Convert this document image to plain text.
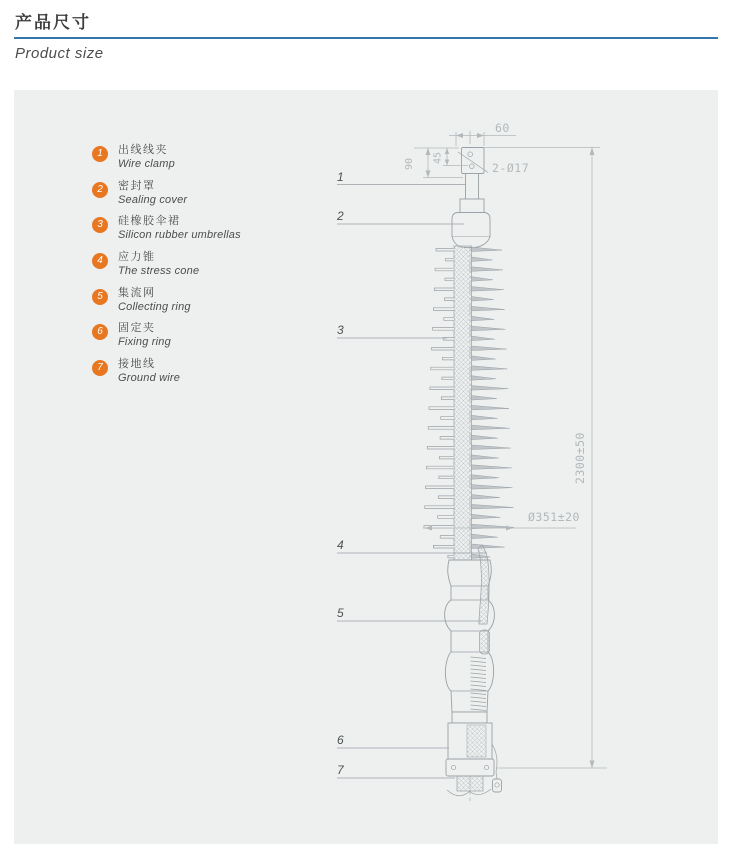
产品尺寸
Product size
1	出线线夹
Wire clamp
2	密封罩
Sealing cover
3	硅橡胶伞裙
Silicon rubber umbrellas
4	应力锥
The stress cone
5	集流网
Collecting ring
6	固定夹
Fixing ring
7	接地线
Ground wire
1
2
3
4
5
6
7
60
90 45
2-Ø17
Ø351±20
2300±50
